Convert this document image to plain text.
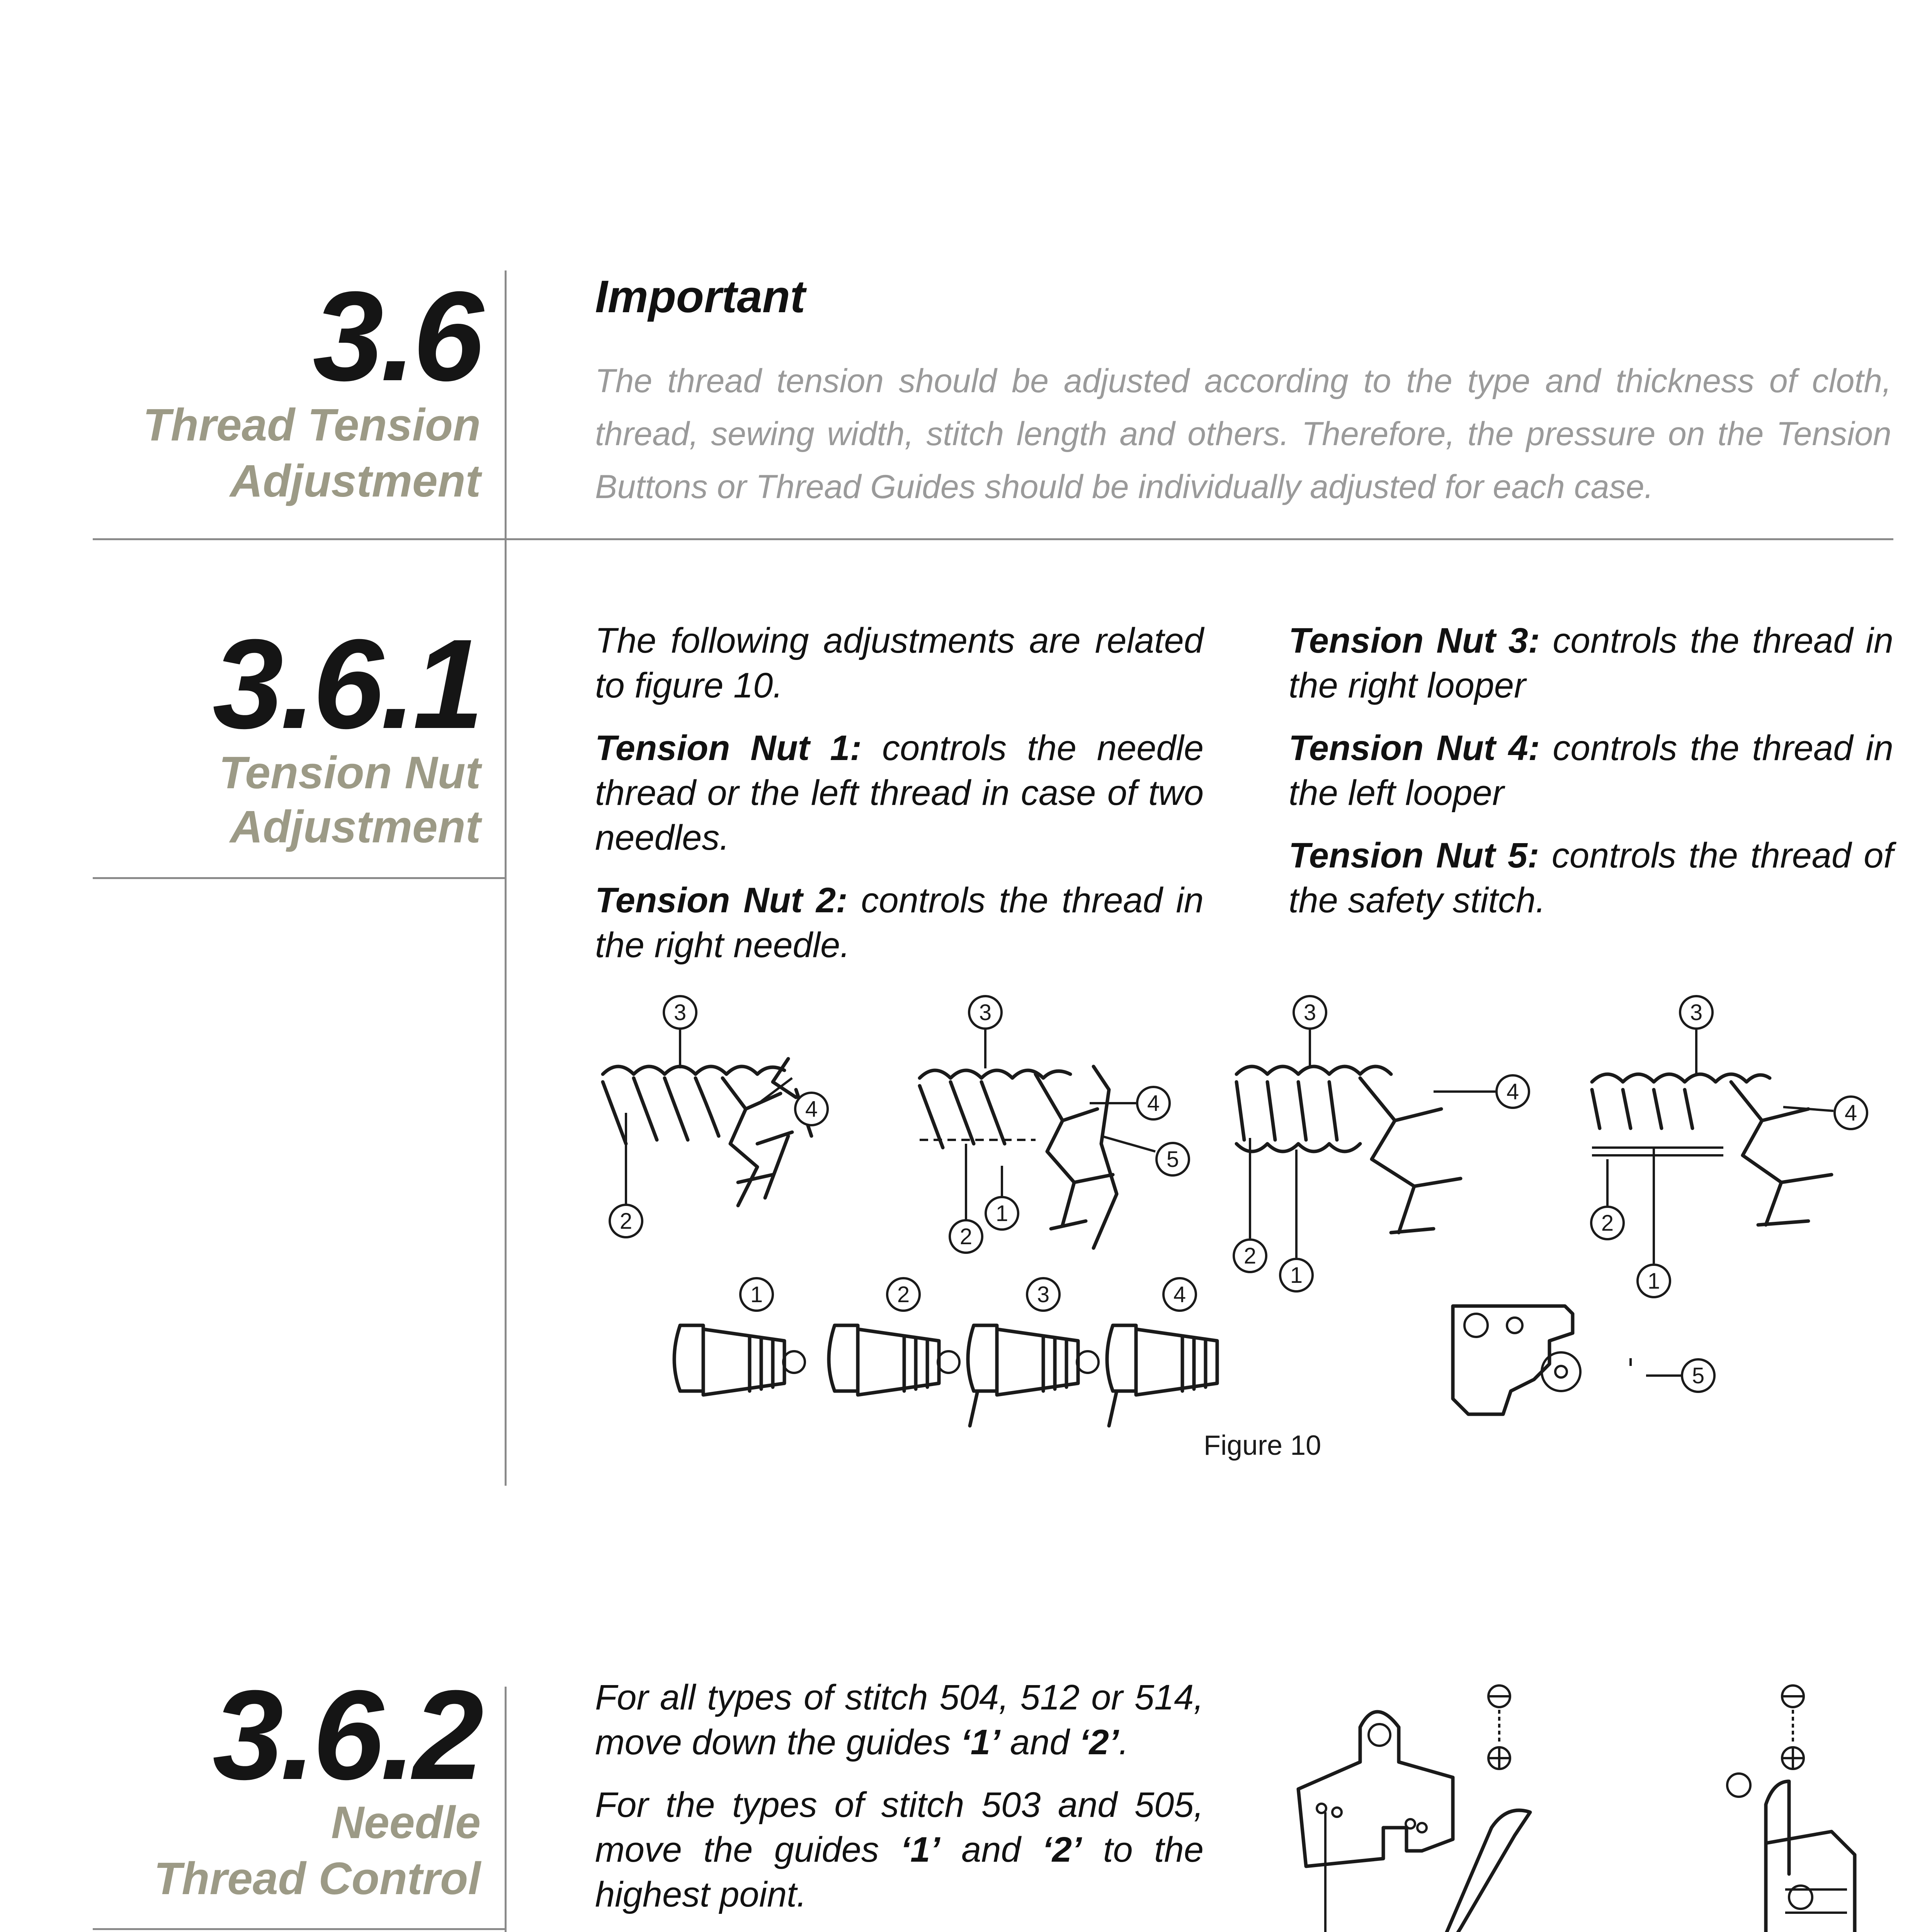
3.6
Thread Tension
Adjustment
Important
The thread tension should be adjusted according to the type and thickness of cloth, thread, sewing width, stitch length and others. Therefore, the pressure on the Tension Buttons or Thread Guides should be individually adjusted for each case.
3.6.1
Tension Nut
Adjustment

The following adjustments are related to figure 10.

Tension Nut 1: controls the needle thread or the left thread in case of two needles.

Tension Nut 2: controls the thread in the right needle.

Tension Nut 3: controls the thread in the right looper

Tension Nut 4: controls the thread in the left looper

Tension Nut 5: controls the thread of the safety stitch.

3
4
2
3
4
5
1
2
3
4
2
1
3
4
2
1
1	2	3	4
5
Figure 10
3.6.2
Needle
Thread Control

For all types of stitch 504, 512 or 514, move down the guides ‘1’ and ‘2’.

For the types of stitch 503 and 505, move the guides ‘1’ and ‘2’ to the highest point.
